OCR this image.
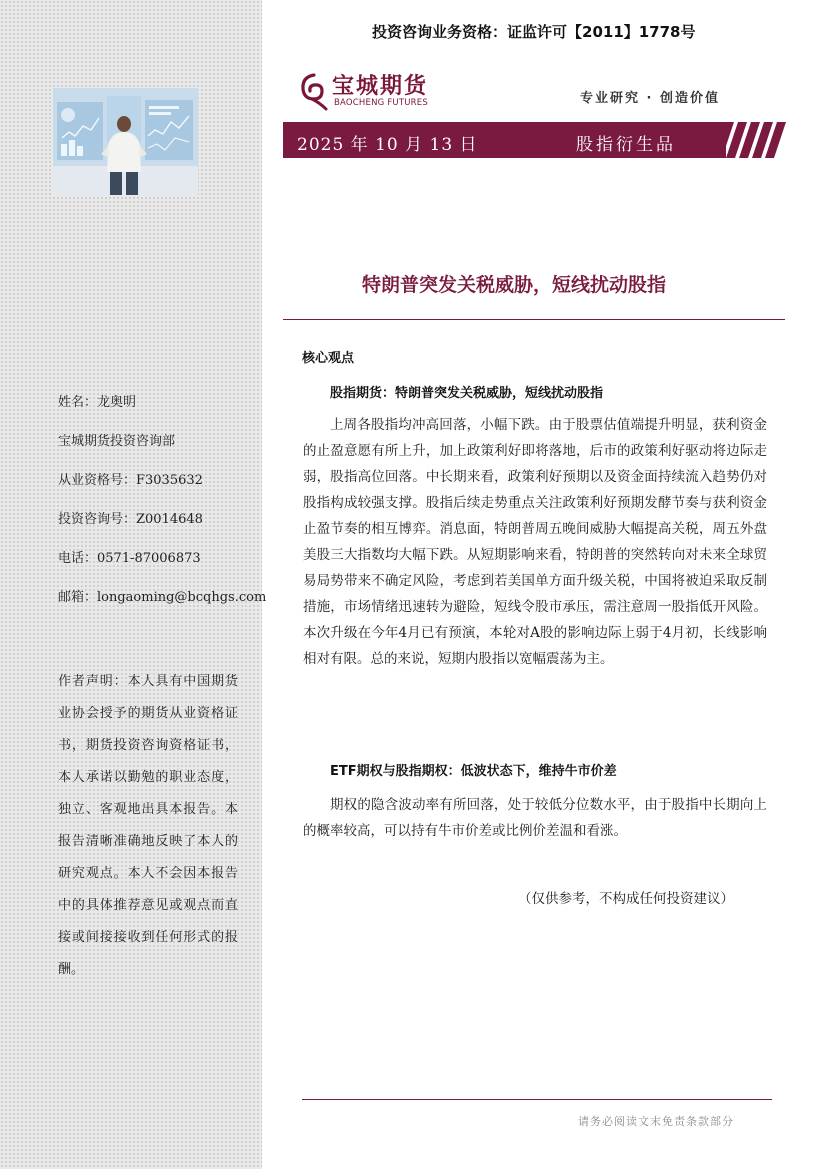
姓名：龙奥明
宝城期货投资咨询部
从业资格号：F3035632
投资咨询号：Z0014648
电话：0571-87006873
邮箱：longaoming@bcqhgs.com
作者声明：本人具有中国期货业协会授予的期货从业资格证书，期货投资咨询资格证书，本人承诺以勤勉的职业态度，独立、客观地出具本报告。本报告清晰准确地反映了本人的研究观点。本人不会因本报告中的具体推荐意见或观点而直接或间接接收到任何形式的报酬。
投资咨询业务资格：证监许可【2011】1778号
宝城期货
BAOCHENG FUTURES	专业研究 · 创造价值
2025 年 10 月 13 日	股指衍生品
特朗普突发关税威胁，短线扰动股指
核心观点
股指期货：特朗普突发关税威胁，短线扰动股指
上周各股指均冲高回落，小幅下跌。由于股票估值端提升明显，获利资金的止盈意愿有所上升，加上政策利好即将落地，后市的政策利好驱动将边际走弱，股指高位回落。中长期来看，政策利好预期以及资金面持续流入趋势仍对股指构成较强支撑。股指后续走势重点关注政策利好预期发酵节奏与获利资金止盈节奏的相互博弈。消息面，特朗普周五晚间威胁大幅提高关税，周五外盘美股三大指数均大幅下跌。从短期影响来看，特朗普的突然转向对未来全球贸易局势带来不确定风险，考虑到若美国单方面升级关税，中国将被迫采取反制措施，市场情绪迅速转为避险，短线令股市承压，需注意周一股指低开风险。本次升级在今年4月已有预演，本轮对A股的影响边际上弱于4月初，长线影响相对有限。总的来说，短期内股指以宽幅震荡为主。
ETF期权与股指期权：低波状态下，维持牛市价差
期权的隐含波动率有所回落，处于较低分位数水平，由于股指中长期向上的概率较高，可以持有牛市价差或比例价差温和看涨。
（仅供参考，不构成任何投资建议）
请务必阅读文末免责条款部分
